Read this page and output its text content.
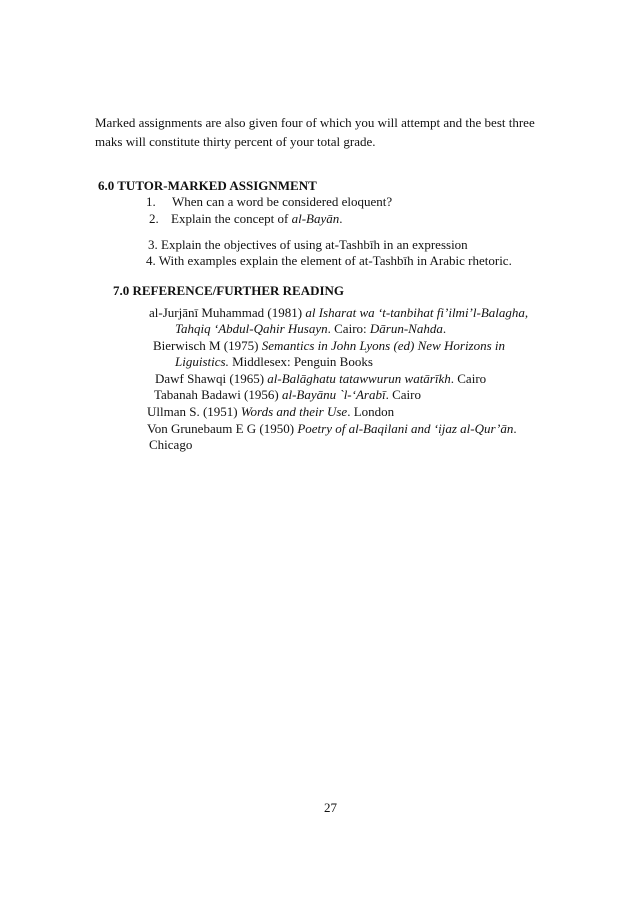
Marked assignments are also given four of which you will attempt and the best three
maks will constitute thirty percent of your total grade.
6.0 TUTOR-MARKED ASSIGNMENT
1. When can a word be considered eloquent?
2. Explain the concept of al-Bayān.
3. Explain the objectives of using at-Tashbīh in an expression
4. With examples explain the element of at-Tashbīh in Arabic rhetoric.
7.0 REFERENCE/FURTHER READING
al-Jurjānī Muhammad (1981) al Isharat wa ‘t-tanbihat fi’ilmi’l-Balagha,
Tahqiq ‘Abdul-Qahir Husayn. Cairo: Dārun-Nahda.
Bierwisch M (1975) Semantics in John Lyons (ed) New Horizons in
Liguistics. Middlesex: Penguin Books
Dawf Shawqi (1965) al-Balāghatu tatawwurun watārīkh. Cairo
Tabanah Badawi (1956) al-Bayānu `l-‘Arabī. Cairo
Ullman S. (1951) Words and their Use. London
Von Grunebaum E G (1950) Poetry of al-Baqilani and ‘ijaz al-Qur’ān.
Chicago
27
